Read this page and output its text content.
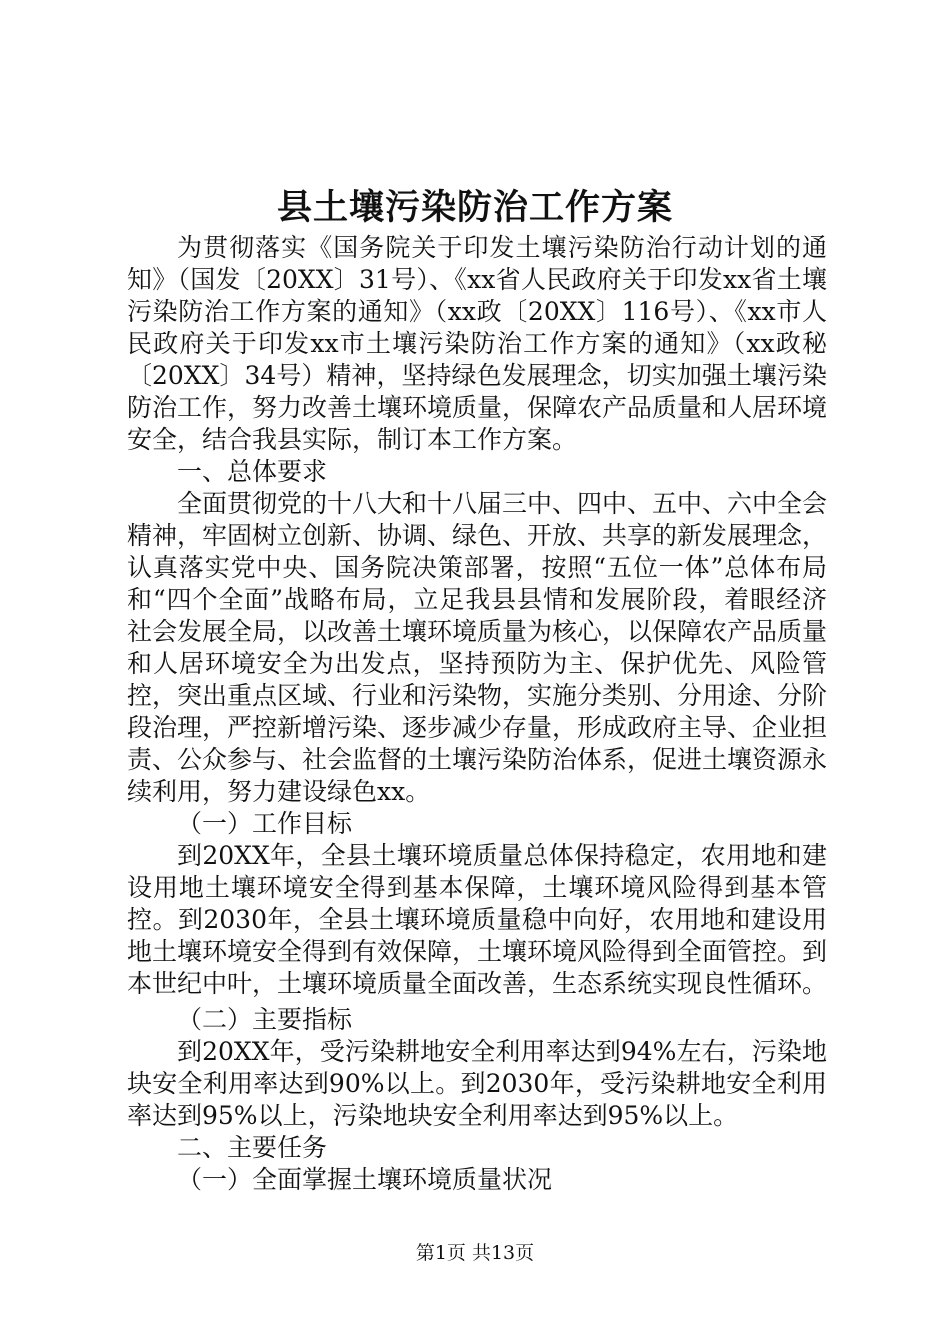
县土壤污染防治工作方案

为贯彻落实《国务院关于印发土壤污染防治行动计划的通知》（国发〔20XX〕31号）、《xx省人民政府关于印发xx省土壤污染防治工作方案的通知》（xx政〔20XX〕116号）、《xx市人民政府关于印发xx市土壤污染防治工作方案的通知》（xx政秘〔20XX〕34号）精神，坚持绿色发展理念，切实加强土壤污染防治工作，努力改善土壤环境质量，保障农产品质量和人居环境安全，结合我县实际，制订本工作方案。

一、总体要求

全面贯彻党的十八大和十八届三中、四中、五中、六中全会精神，牢固树立创新、协调、绿色、开放、共享的新发展理念，认真落实党中央、国务院决策部署，按照“五位一体”总体布局和“四个全面”战略布局，立足我县县情和发展阶段，着眼经济社会发展全局，以改善土壤环境质量为核心，以保障农产品质量和人居环境安全为出发点，坚持预防为主、保护优先、风险管控，突出重点区域、行业和污染物，实施分类别、分用途、分阶段治理，严控新增污染、逐步减少存量，形成政府主导、企业担责、公众参与、社会监督的土壤污染防治体系，促进土壤资源永续利用，努力建设绿色xx。

（一）工作目标

到20XX年，全县土壤环境质量总体保持稳定，农用地和建设用地土壤环境安全得到基本保障，土壤环境风险得到基本管控。到2030年，全县土壤环境质量稳中向好，农用地和建设用地土壤环境安全得到有效保障，土壤环境风险得到全面管控。到本世纪中叶，土壤环境质量全面改善，生态系统实现良性循环。

（二）主要指标

到20XX年，受污染耕地安全利用率达到94%左右，污染地块安全利用率达到90%以上。到2030年，受污染耕地安全利用率达到95%以上，污染地块安全利用率达到95%以上。

二、主要任务

（一）全面掌握土壤环境质量状况

第1页 共13页
